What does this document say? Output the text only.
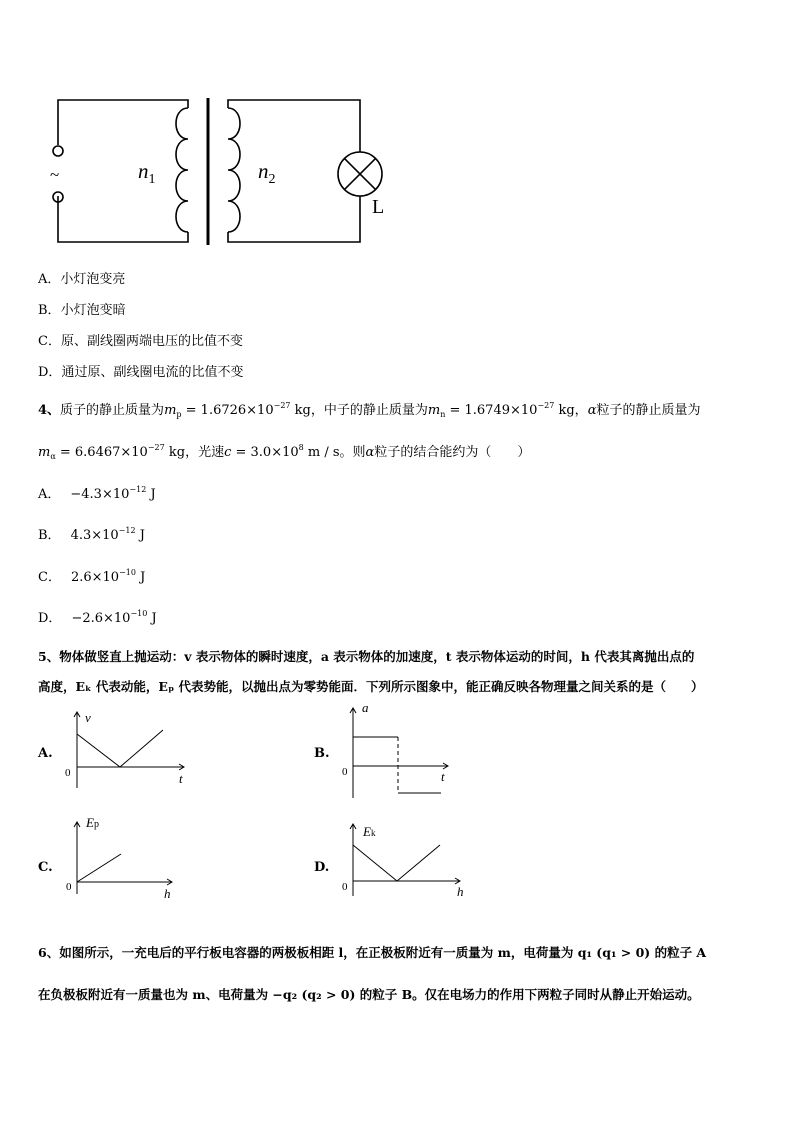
~	$n_1$	$n_2$
L
A．小灯泡变亮
B．小灯泡变暗
C．原、副线圈两端电压的比值不变
D．通过原、副线圈电流的比值不变
4、质子的静止质量为$m_p = 1.6726\times 10^{-27}$ kg，中子的静止质量为$m_n = 1.6749\times 10^{-27}$ kg，α粒子的静止质量为
$m_\alpha = 6.6467\times 10^{-27}$ kg，光速$c = 3.0\times 10^8$ m / s。则α粒子的结合能约为（　　）
A． $-4.3\times 10^{-12}$ J
B． $4.3\times 10^{-12}$ J
C． $2.6\times 10^{-10}$ J
D． $-2.6\times 10^{-10}$ J
5、物体做竖直上抛运动：v 表示物体的瞬时速度，a 表示物体的加速度，t 表示物体运动的时间，h 代表其离抛出点的
高度，Eₖ 代表动能，Eₚ 代表势能，以抛出点为零势能面．下列所示图象中，能正确反映各物理量之间关系的是（　　）
A.
v
0	t
B.
a
0	t
C.
Ep
0	h
D.
Ek
0	h
6、如图所示，一充电后的平行板电容器的两极板相距 l，在正极板附近有一质量为 m，电荷量为 q₁ (q₁ > 0) 的粒子 A
在负极板附近有一质量也为 m、电荷量为 −q₂ (q₂ > 0) 的粒子 B。仅在电场力的作用下两粒子同时从静止开始运动。
